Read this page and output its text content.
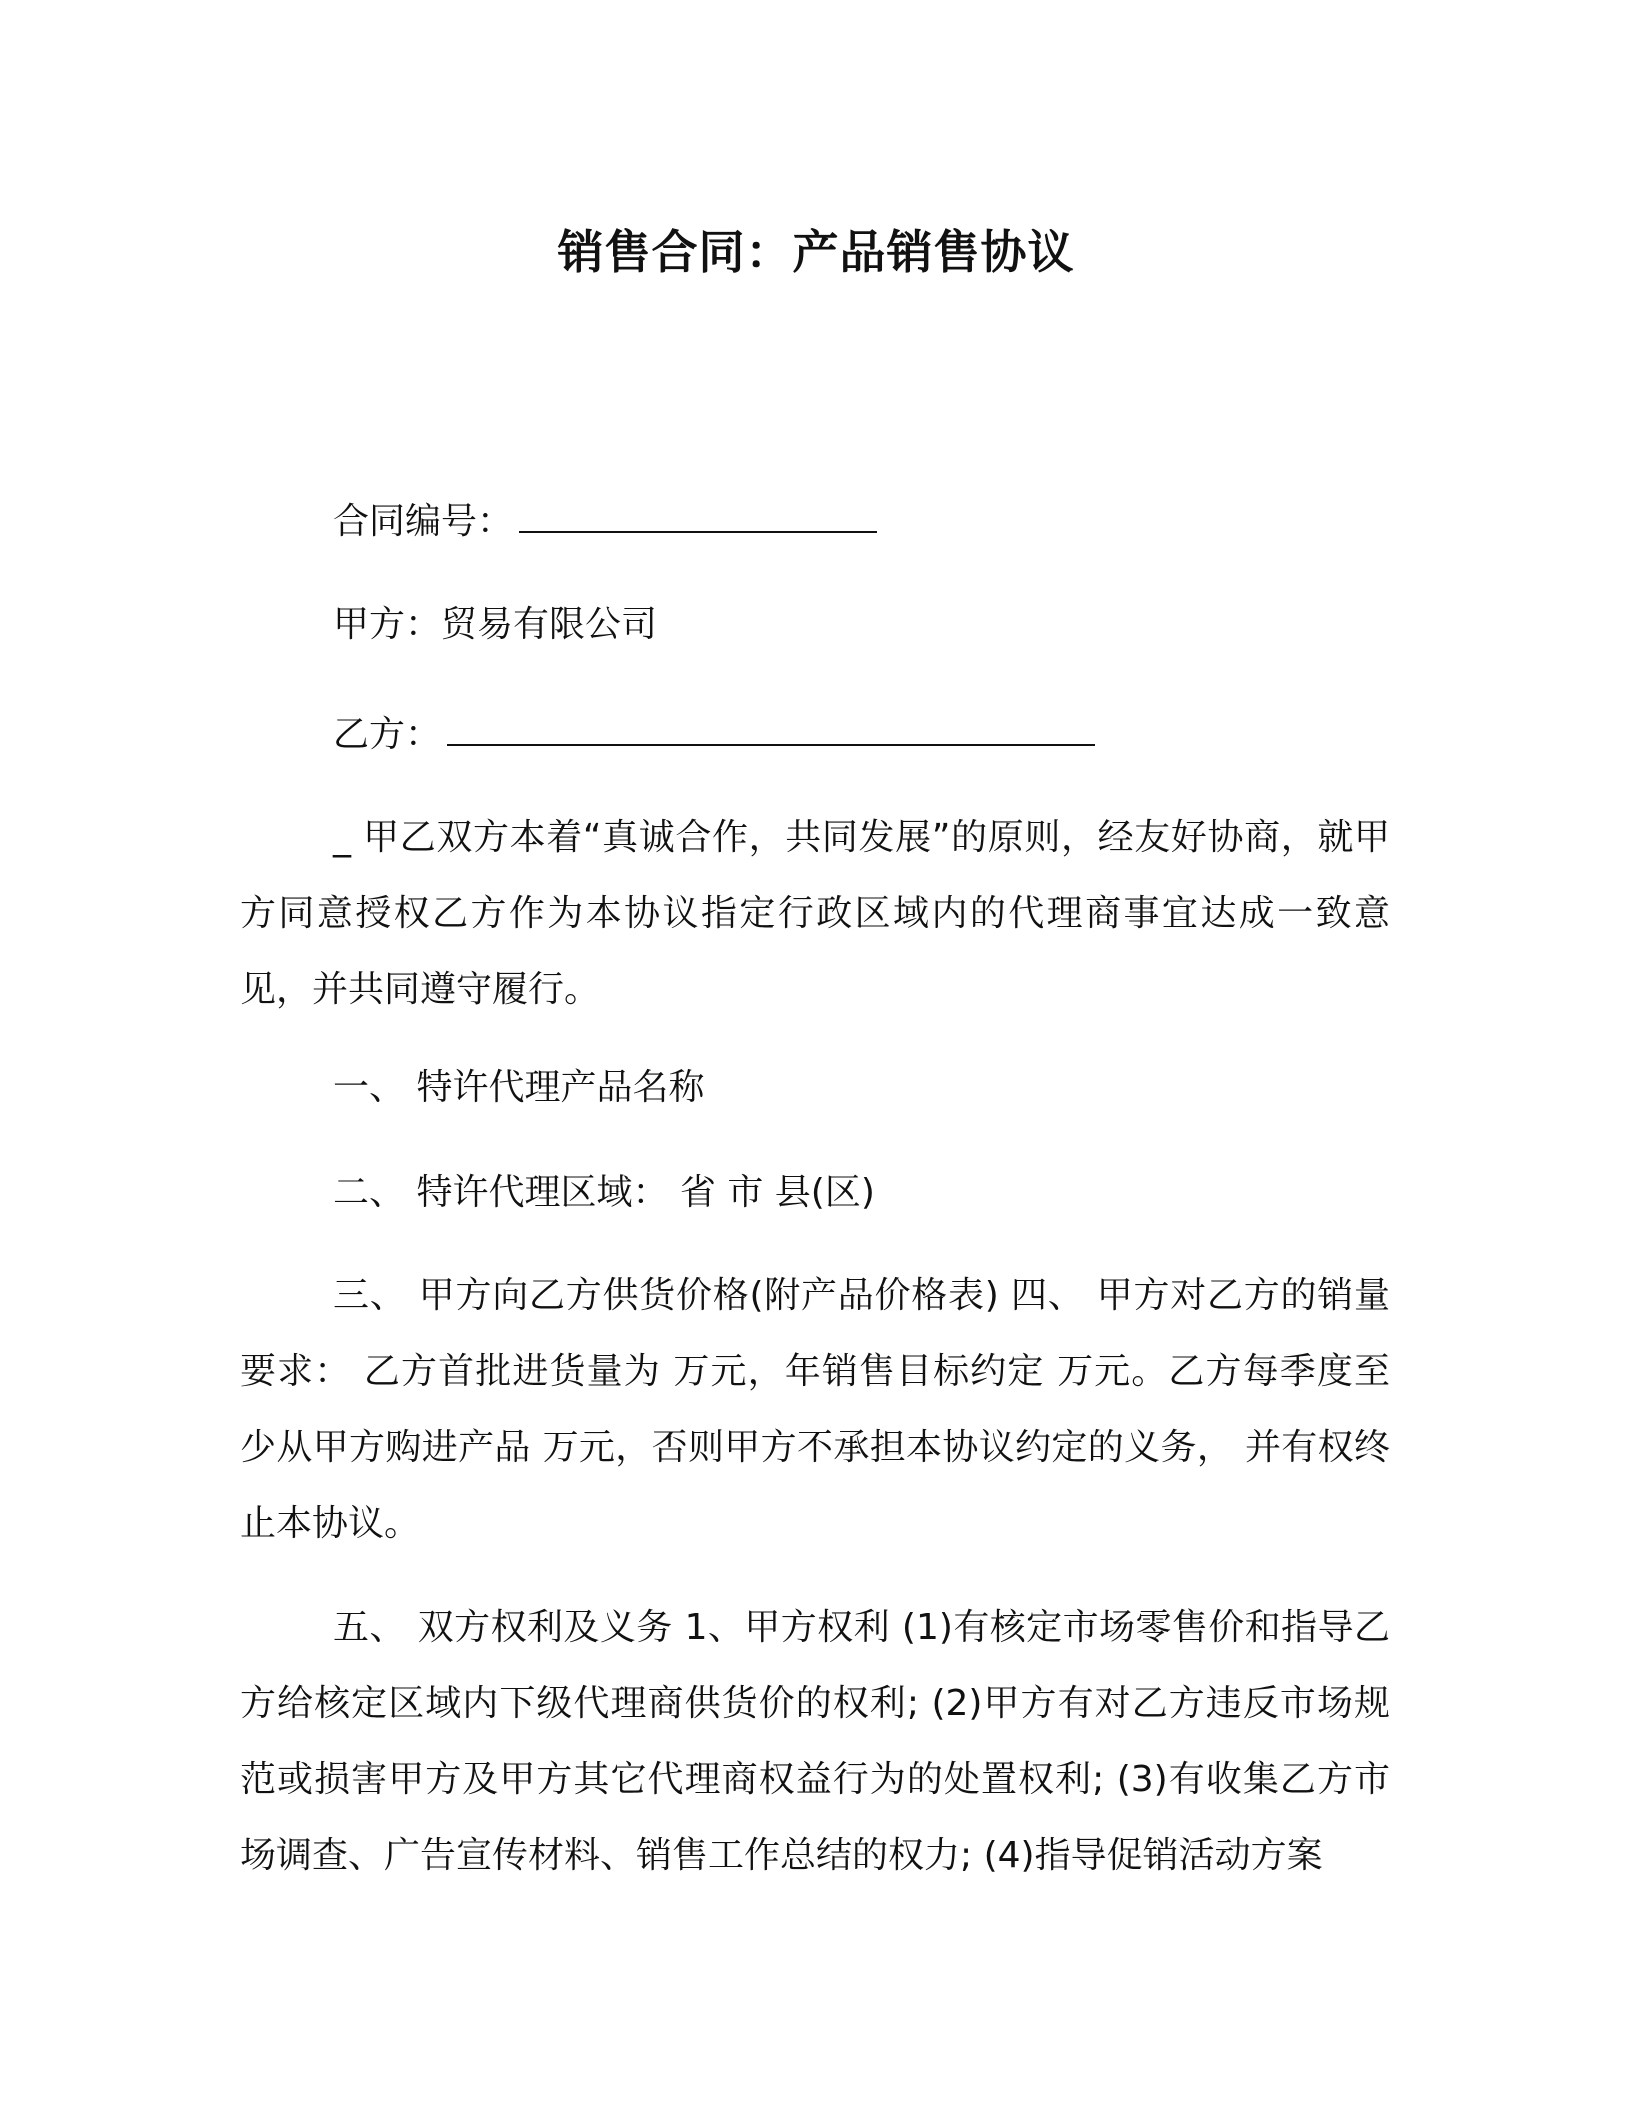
销售合同：产品销售协议
合同编号：
甲方：贸易有限公司
乙方：

_ 甲乙双方本着“真诚合作，共同发展”的原则，经友好协商，就甲方同意授权乙方作为本协议指定行政区域内的代理商事宜达成一致意见，并共同遵守履行。

一、 特许代理产品名称

二、 特许代理区域： 省 市 县(区)

三、 甲方向乙方供货价格(附产品价格表) 四、 甲方对乙方的销量要求： 乙方首批进货量为 万元，年销售目标约定 万元。乙方每季度至少从甲方购进产品 万元，否则甲方不承担本协议约定的义务， 并有权终止本协议。

五、 双方权利及义务 1、甲方权利 (1)有核定市场零售价和指导乙方给核定区域内下级代理商供货价的权利; (2)甲方有对乙方违反市场规范或损害甲方及甲方其它代理商权益行为的处置权利; (3)有收集乙方市场调查、广告宣传材料、销售工作总结的权力; (4)指导促销活动方案
